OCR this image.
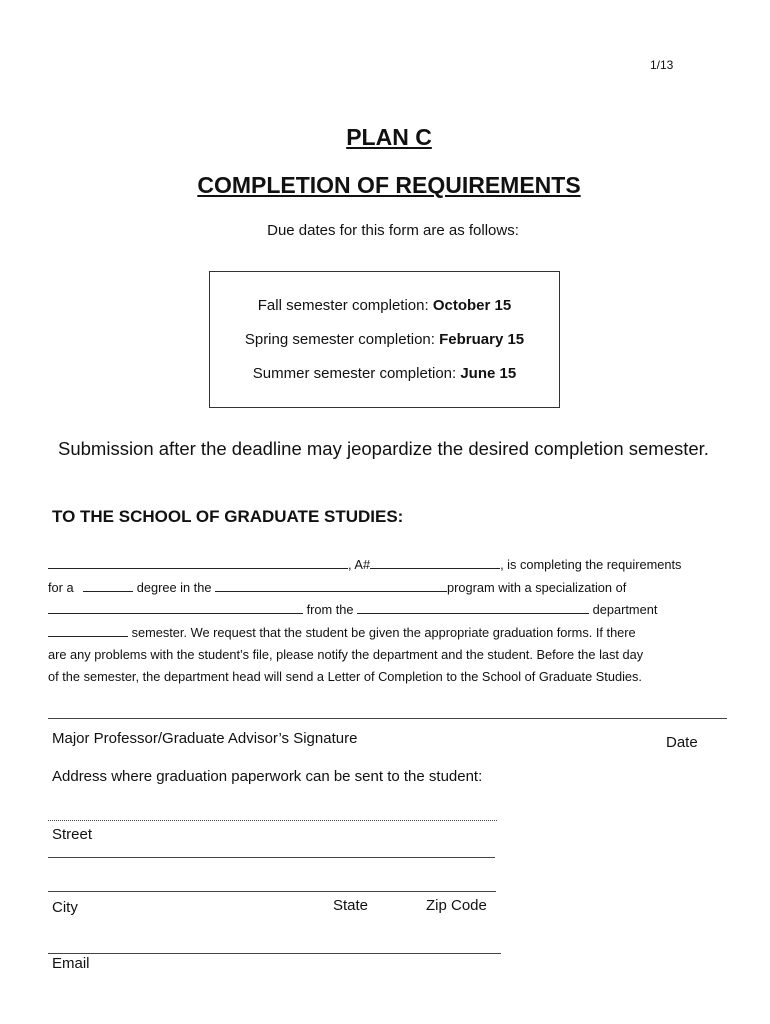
1/13
PLAN C
COMPLETION OF REQUIREMENTS
Due dates for this form are as follows:
Fall semester completion: October 15
Spring semester completion: February 15
Summer semester completion: June 15
Submission after the deadline may jeopardize the desired completion semester.
TO THE SCHOOL OF GRADUATE STUDIES:
, A#	, is completing the requirements
for a	degree in the	program with a specialization of
from the	department
semester. We request that the student be given the appropriate graduation forms. If there
are any problems with the student’s file, please notify the department and the student. Before the last day
of the semester, the department head will send a Letter of Completion to the School of Graduate Studies.
Major Professor/Graduate Advisor’s Signature	Date
Address where graduation paperwork can be sent to the student:
Street
City	State	Zip Code
Email
